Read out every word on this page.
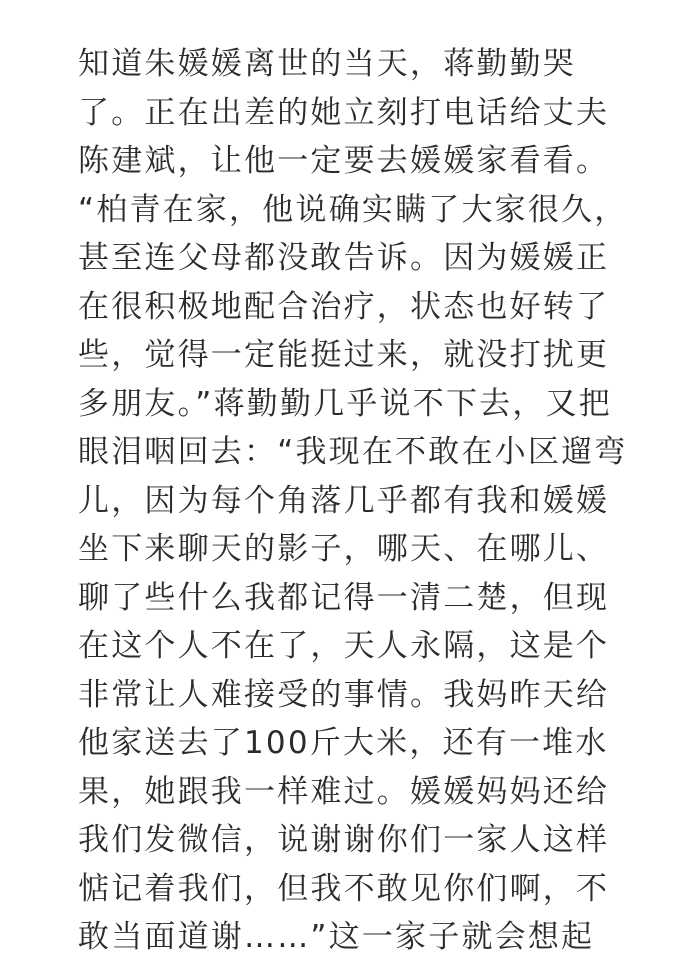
知道朱媛媛离世的当天，蒋勤勤哭
了。正在出差的她立刻打电话给丈夫
陈建斌，让他一定要去媛媛家看看。
“柏青在家，他说确实瞒了大家很久，
甚至连父母都没敢告诉。因为媛媛正
在很积极地配合治疗，状态也好转了
些，觉得一定能挺过来，就没打扰更
多朋友。”蒋勤勤几乎说不下去，又把
眼泪咽回去：“我现在不敢在小区遛弯
儿，因为每个角落几乎都有我和媛媛
坐下来聊天的影子，哪天、在哪儿、
聊了些什么我都记得一清二楚，但现
在这个人不在了，天人永隔，这是个
非常让人难接受的事情。我妈昨天给
他家送去了100斤大米，还有一堆水
果，她跟我一样难过。媛媛妈妈还给
我们发微信，说谢谢你们一家人这样
惦记着我们，但我不敢见你们啊，不
敢当面道谢……”这一家子就会想起
